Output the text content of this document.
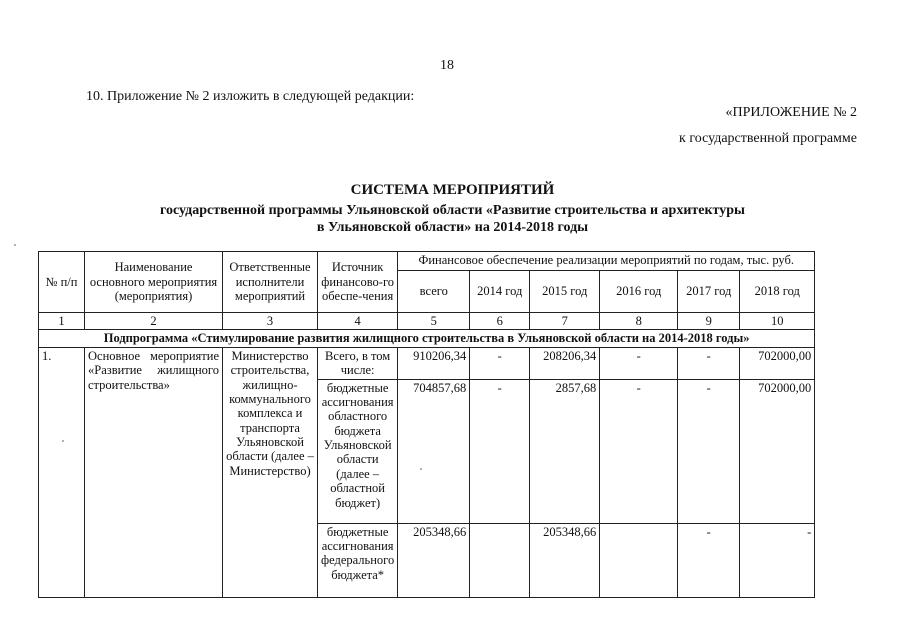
18
10. Приложение № 2 изложить в следующей редакции:
«ПРИЛОЖЕНИЕ № 2
к государственной программе
СИСТЕМА МЕРОПРИЯТИЙ
государственной программы Ульяновской области «Развитие строительства и архитектуры
в Ульяновской области» на 2014-2018 годы
№ п/п	Наименование основного мероприятия (мероприятия)	Ответственные исполнители мероприятий	Источник финансово-го обеспе-чения	Финансовое обеспечение реализации мероприятий по годам, тыс. руб.					
				всего	2014 год	2015 год	2016 год	2017 год	2018 год
1	2	3	4	5	6	7	8	9	10
Подпрограмма «Стимулирование развития жилищного строительства в Ульяновской области на 2014-2018 годы»									
1.	Основное мероприятие «Развитие жилищного строительства»	Министерство строительства, жилищно-коммунального комплекса и транспорта Ульяновской области (далее – Министерство)	Всего, в том числе:	910206,34	-	208206,34	-	-	702000,00
			бюджетные ассигнования областного бюджета Ульяновской области (далее – областной бюджет)	704857,68	-	2857,68	-	-	702000,00
			бюджетные ассигнования федерального бюджета*	205348,66		205348,66		-	-
